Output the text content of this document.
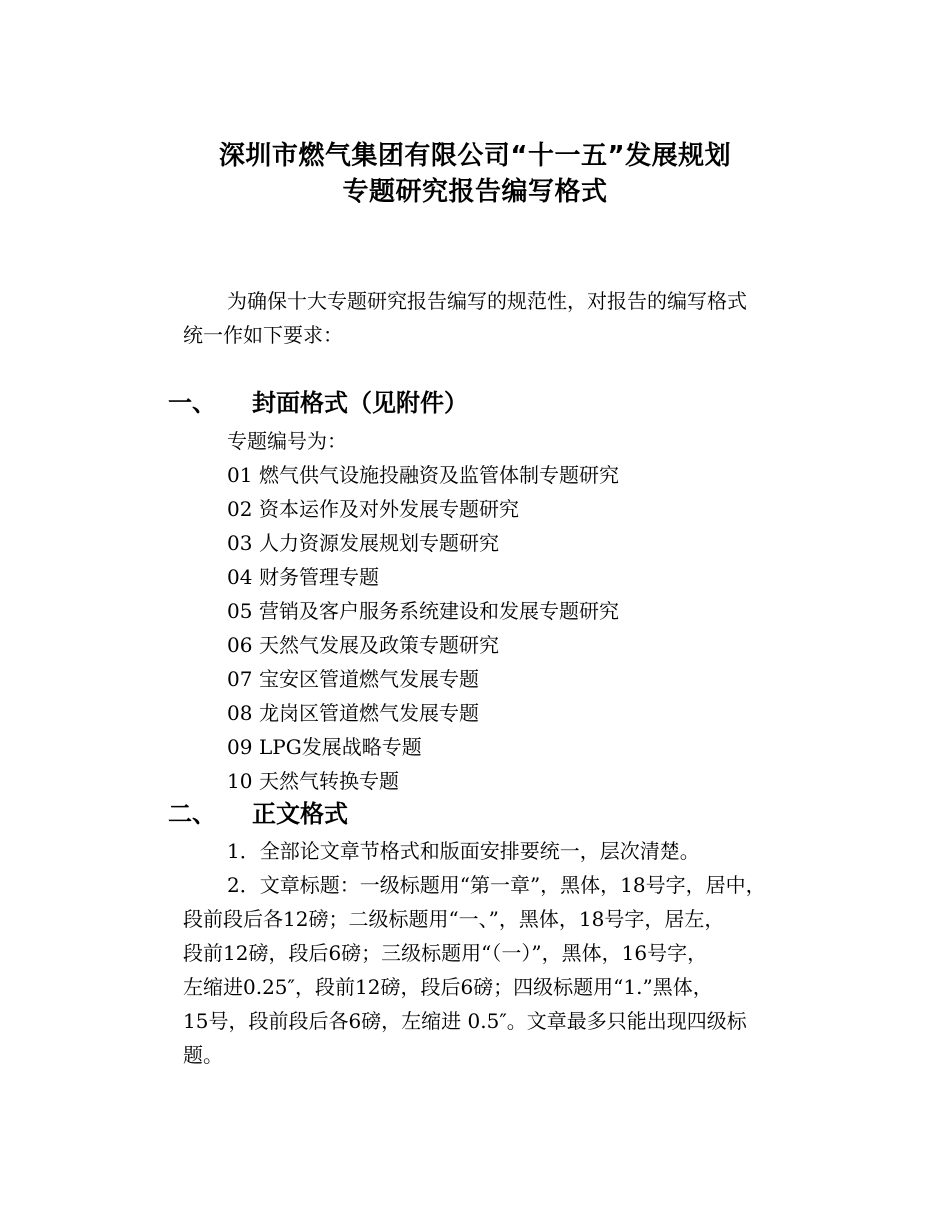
深圳市燃气集团有限公司“十一五”发展规划
专题研究报告编写格式
为确保十大专题研究报告编写的规范性，对报告的编写格式
统一作如下要求：
一、 封面格式（见附件）
专题编号为：
01 燃气供气设施投融资及监管体制专题研究
02 资本运作及对外发展专题研究
03 人力资源发展规划专题研究
04 财务管理专题
05 营销及客户服务系统建设和发展专题研究
06 天然气发展及政策专题研究
07 宝安区管道燃气发展专题
08 龙岗区管道燃气发展专题
09 LPG发展战略专题
10 天然气转换专题
二、 正文格式
1．全部论文章节格式和版面安排要统一，层次清楚。
2．文章标题：一级标题用“第一章”，黑体，18号字，居中，
段前段后各12磅；二级标题用“一、”，黑体，18号字，居左，
段前12磅，段后6磅；三级标题用“（一）”，黑体，16号字，
左缩进0.25″，段前12磅，段后6磅；四级标题用“1.”黑体，
15号，段前段后各6磅，左缩进 0.5″。文章最多只能出现四级标
题。
